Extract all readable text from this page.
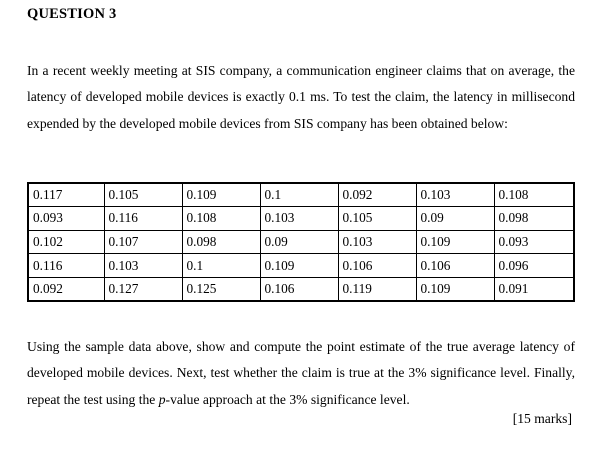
QUESTION 3
In a recent weekly meeting at SIS company, a communication engineer claims that on average, the latency of developed mobile devices is exactly 0.1 ms. To test the claim, the latency in millisecond expended by the developed mobile devices from SIS company has been obtained below:
0.117	0.105	0.109	0.1	0.092	0.103	0.108
0.093	0.116	0.108	0.103	0.105	0.09	0.098
0.102	0.107	0.098	0.09	0.103	0.109	0.093
0.116	0.103	0.1	0.109	0.106	0.106	0.096
0.092	0.127	0.125	0.106	0.119	0.109	0.091
Using the sample data above, show and compute the point estimate of the true average latency of developed mobile devices. Next, test whether the claim is true at the 3% significance level. Finally, repeat the test using the p-value approach at the 3% significance level.
[15 marks]
